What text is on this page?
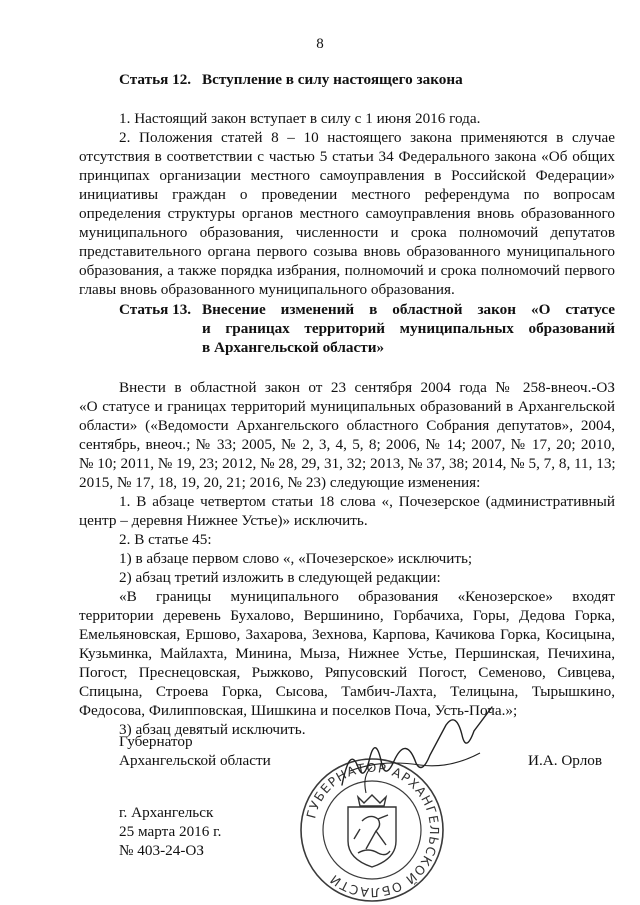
8
Статья 12. Вступление в силу настоящего закона
1. Настоящий закон вступает в силу с 1 июня 2016 года.
2. Положения статей 8 – 10 настоящего закона применяются в случае
отсутствия в соответствии с частью 5 статьи 34 Федерального закона «Об общих
принципах организации местного самоуправления в Российской Федерации»
инициативы граждан о проведении местного референдума по вопросам
определения структуры органов местного самоуправления вновь образованного
муниципального образования, численности и срока полномочий депутатов
представительного органа первого созыва вновь образованного муниципального
образования, а также порядка избрания, полномочий и срока полномочий первого
главы вновь образованного муниципального образования.
Статья 13. Внесение изменений в областной закон «О статусе
и границах территорий муниципальных образований
в Архангельской области»
Внести в областной закон от 23 сентября 2004 года № 258-внеоч.-ОЗ
«О статусе и границах территорий муниципальных образований в Архангельской
области» («Ведомости Архангельского областного Собрания депутатов», 2004,
сентябрь, внеоч.; № 33; 2005, № 2, 3, 4, 5, 8; 2006, № 14; 2007, № 17, 20; 2010,
№ 10; 2011, № 19, 23; 2012, № 28, 29, 31, 32; 2013, № 37, 38; 2014, № 5, 7, 8, 11, 13;
2015, № 17, 18, 19, 20, 21; 2016, № 23) следующие изменения:
1. В абзаце четвертом статьи 18 слова «, Почезерское (административный
центр – деревня Нижнее Устье)» исключить.
2. В статье 45:
1) в абзаце первом слово «, «Почезерское» исключить;
2) абзац третий изложить в следующей редакции:
«В границы муниципального образования «Кенозерское» входят
территории деревень Бухалово, Вершинино, Горбачиха, Горы, Дедова Горка,
Емельяновская, Ершово, Захарова, Зехнова, Карпова, Качикова Горка, Косицына,
Кузьминка, Майлахта, Минина, Мыза, Нижнее Устье, Першинская, Печихина,
Погост, Преснецовская, Рыжково, Ряпусовский Погост, Семеново, Сивцева,
Спицына, Строева Горка, Сысова, Тамбич-Лахта, Телицына, Тырышкино,
Федосова, Филипповская, Шишкина и поселков Поча, Усть-Поча.»;
3) абзац девятый исключить.
Губернатор
Архангельской области	И.А. Орлов
ГУБЕРНАТОР АРХАНГЕЛЬСКОЙ ОБЛАСТИ
г. Архангельск
25 марта 2016 г.
№ 403-24-ОЗ
